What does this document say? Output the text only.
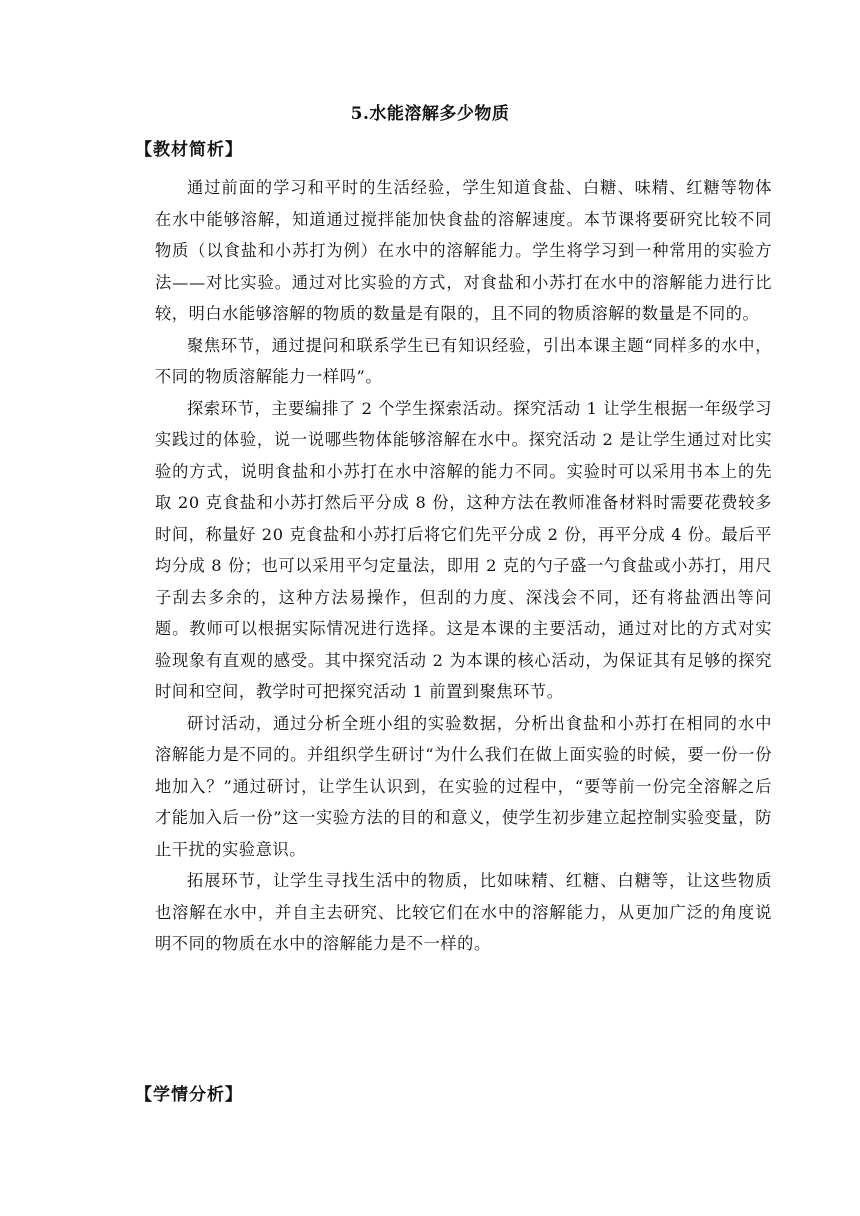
5.水能溶解多少物质
【教材简析】

通过前面的学习和平时的生活经验，学生知道食盐、白糖、味精、红糖等物体在水中能够溶解，知道通过搅拌能加快食盐的溶解速度。本节课将要研究比较不同物质（以食盐和小苏打为例）在水中的溶解能力。学生将学习到一种常用的实验方法——对比实验。通过对比实验的方式，对食盐和小苏打在水中的溶解能力进行比较，明白水能够溶解的物质的数量是有限的，且不同的物质溶解的数量是不同的。

聚焦环节，通过提问和联系学生已有知识经验，引出本课主题“同样多的水中，不同的物质溶解能力一样吗”。

探索环节，主要编排了 2 个学生探索活动。探究活动 1 让学生根据一年级学习实践过的体验，说一说哪些物体能够溶解在水中。探究活动 2 是让学生通过对比实验的方式，说明食盐和小苏打在水中溶解的能力不同。实验时可以采用书本上的先取 20 克食盐和小苏打然后平分成 8 份，这种方法在教师准备材料时需要花费较多时间，称量好 20 克食盐和小苏打后将它们先平分成 2 份，再平分成 4 份。最后平均分成 8 份；也可以采用平匀定量法，即用 2 克的勺子盛一勺食盐或小苏打，用尺子刮去多余的，这种方法易操作，但刮的力度、深浅会不同，还有将盐洒出等问题。教师可以根据实际情况进行选择。这是本课的主要活动，通过对比的方式对实验现象有直观的感受。其中探究活动 2 为本课的核心活动，为保证其有足够的探究时间和空间，教学时可把探究活动 1 前置到聚焦环节。

研讨活动，通过分析全班小组的实验数据，分析出食盐和小苏打在相同的水中溶解能力是不同的。并组织学生研讨“为什么我们在做上面实验的时候，要一份一份地加入？”通过研讨，让学生认识到，在实验的过程中，“要等前一份完全溶解之后才能加入后一份”这一实验方法的目的和意义，使学生初步建立起控制实验变量，防止干扰的实验意识。

拓展环节，让学生寻找生活中的物质，比如味精、红糖、白糖等，让这些物质也溶解在水中，并自主去研究、比较它们在水中的溶解能力，从更加广泛的角度说明不同的物质在水中的溶解能力是不一样的。

【学情分析】
